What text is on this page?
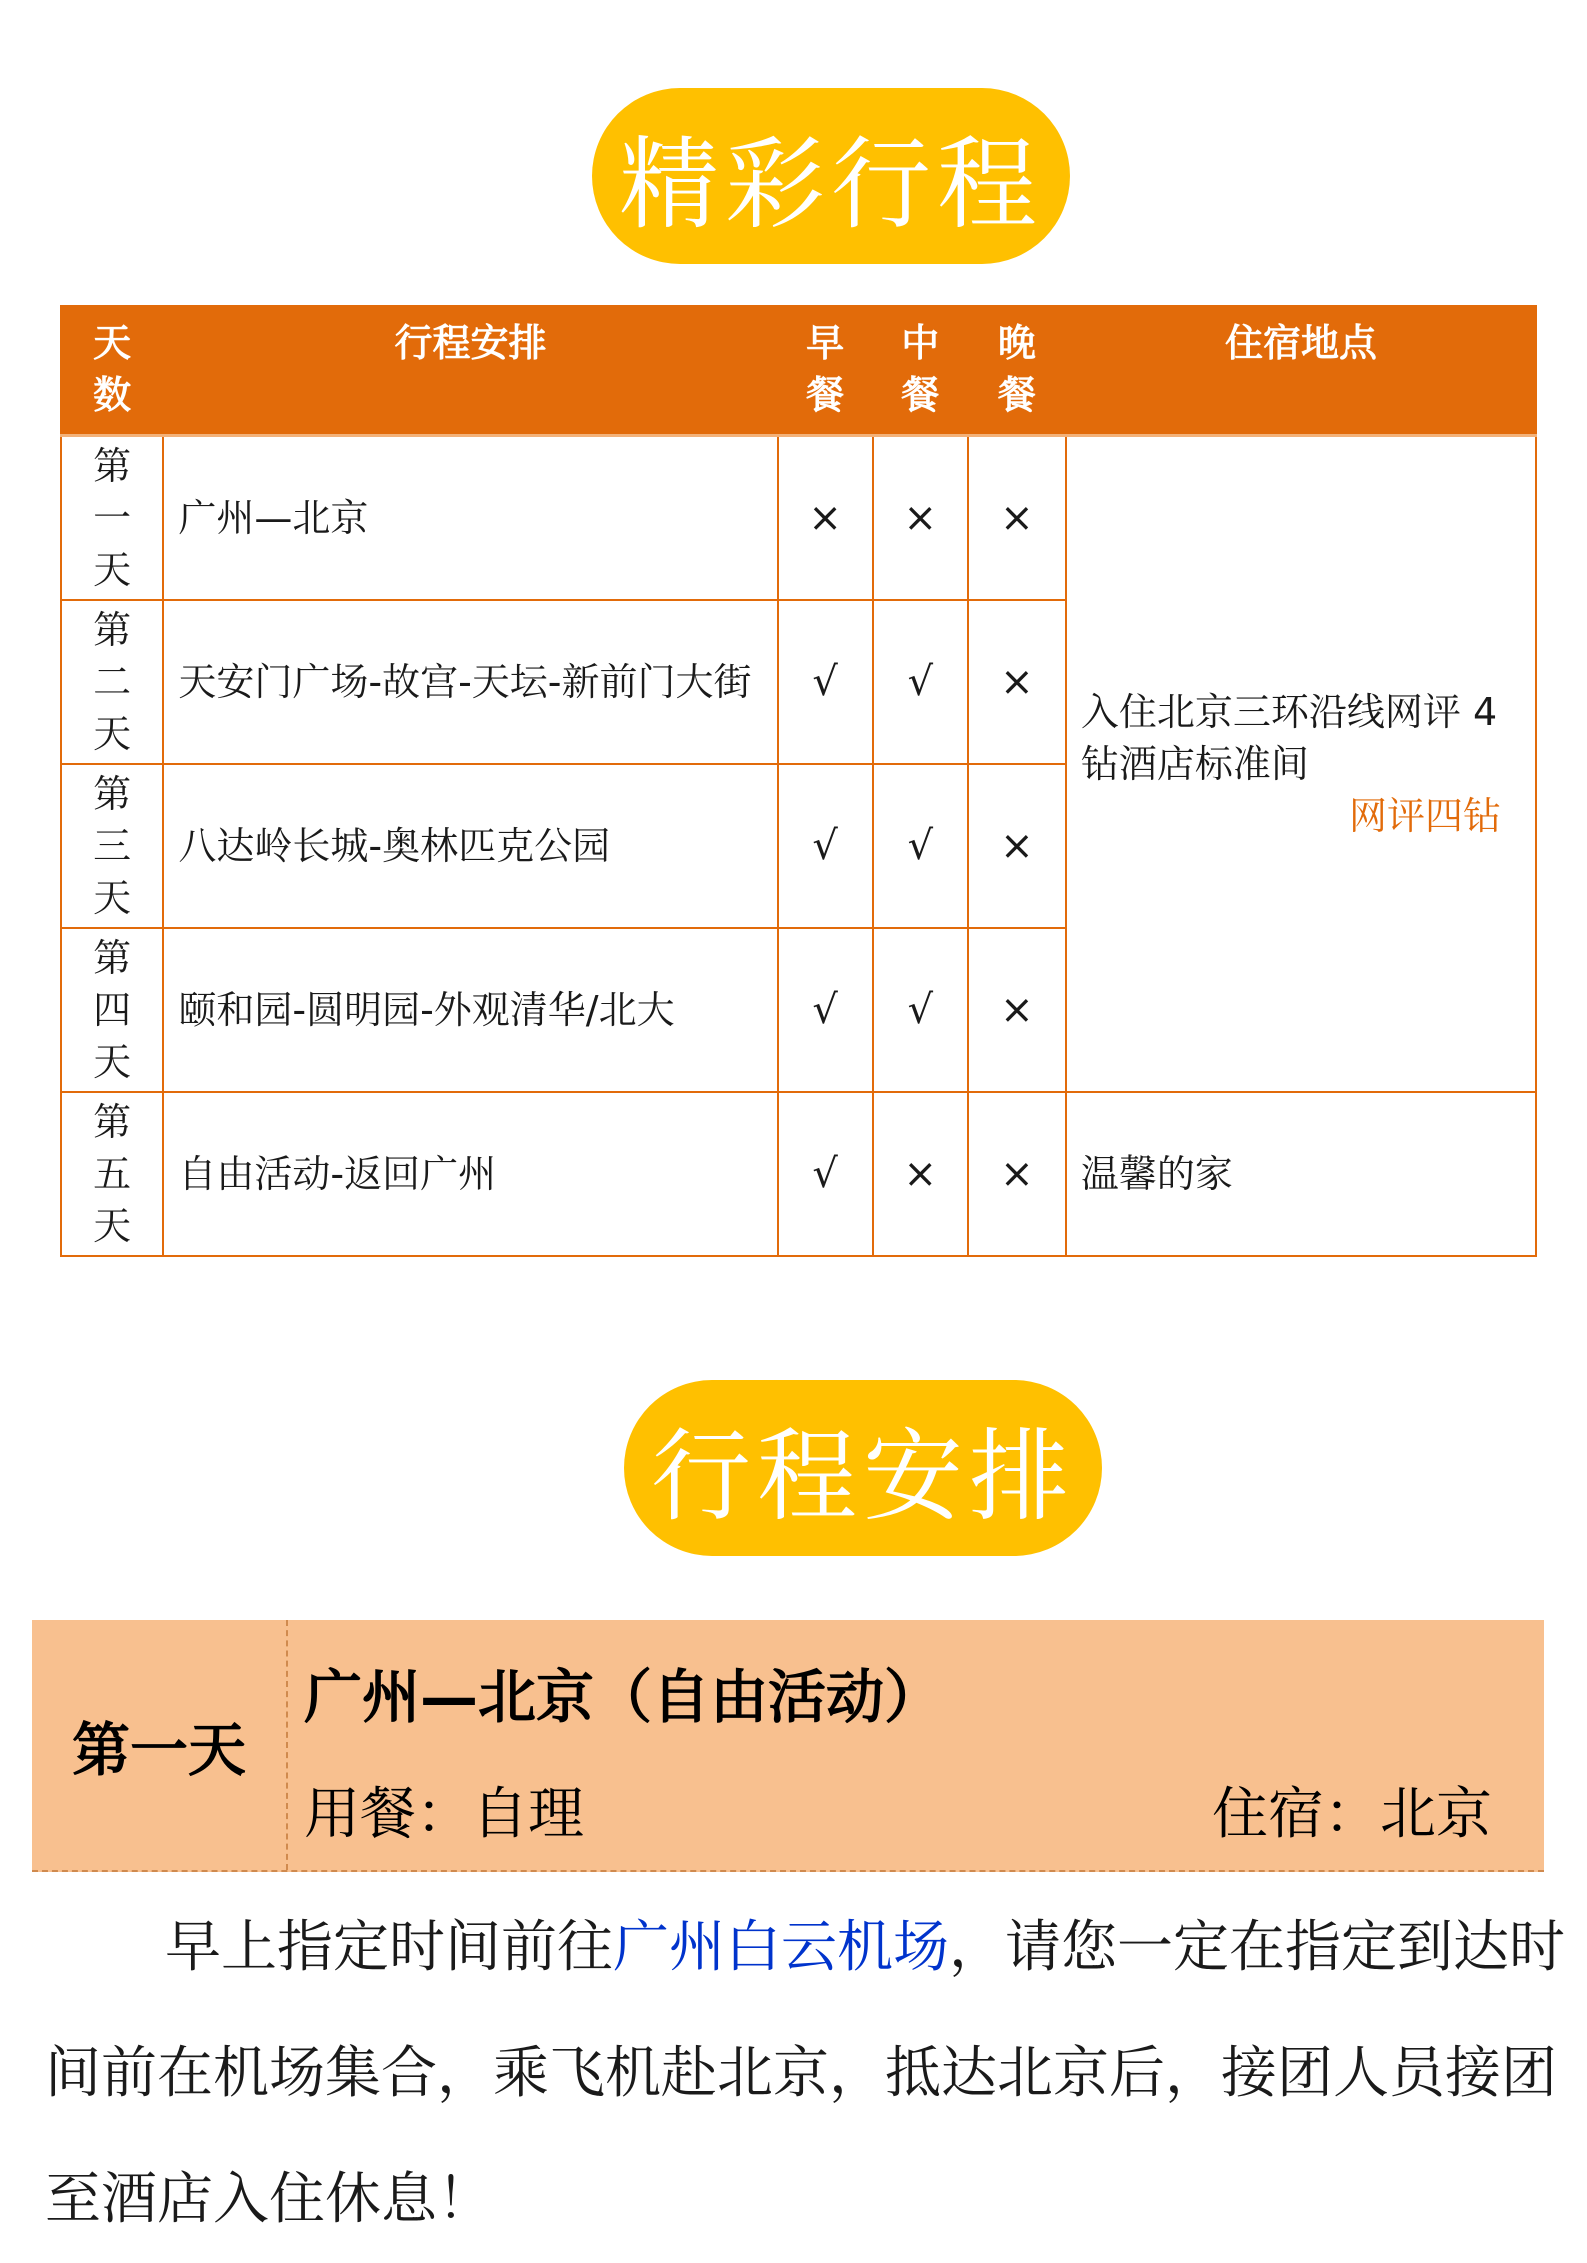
精彩行程
天数	行程安排	早餐	中餐	晚餐	住宿地点

第一天	广州—北京	×	×	×	入住北京三环沿线网评 4 钻酒店标准间
网评四钻

第二天	天安门广场-故宫-天坛-新前门大街	√	√	×	

第三天	八达岭长城-奥林匹克公园	√	√	×	

第四天	颐和园-圆明园-外观清华/北大	√	√	×	

第五天	自由活动-返回广州	√	×	×	温馨的家
行程安排
第一天
广州—北京（自由活动）
用餐：自理	住宿：北京

早上指定时间前往广州白云机场，请您一定在指定到达时间前在机场集合，乘飞机赴北京，抵达北京后，接团人员接团至酒店入住休息！
